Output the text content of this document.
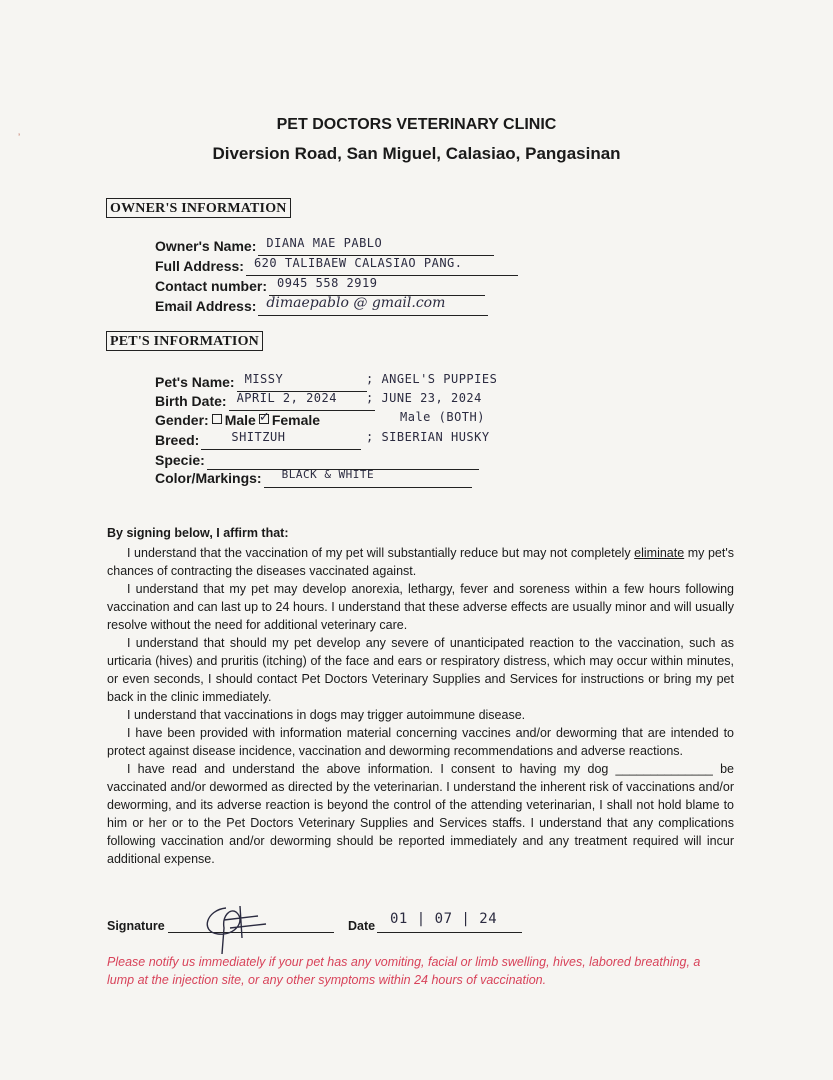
ʼ
PET DOCTORS VETERINARY CLINIC
Diversion Road, San Miguel, Calasiao, Pangasinan
OWNER'S INFORMATION
Owner's Name: DIANA MAE PABLO
Full Address: 620 TALIBAEW CALASIAO PANG.
Contact number: 0945 558 2919
Email Address: dimaepablo @ gmail.com
PET'S INFORMATION
Pet's Name: MISSY	; ANGEL'S PUPPIES
Birth Date: APRIL 2, 2024 ; JUNE 23, 2024
Gender: Male ✓ Female	Male (BOTH)
Breed:	SHITZUH	; SIBERIAN HUSKY
Specie:
Color/Markings: BLACK & WHITE
By signing below, I affirm that:

I understand that the vaccination of my pet will substantially reduce but may not completely eliminate my pet's chances of contracting the diseases vaccinated against.

I understand that my pet may develop anorexia, lethargy, fever and soreness within a few hours following vaccination and can last up to 24 hours. I understand that these adverse effects are usually minor and will usually resolve without the need for additional veterinary care.

I understand that should my pet develop any severe of unanticipated reaction to the vaccination, such as urticaria (hives) and pruritis (itching) of the face and ears or respiratory distress, which may occur within minutes, or even seconds, I should contact Pet Doctors Veterinary Supplies and Services for instructions or bring my pet back in the clinic immediately.

I understand that vaccinations in dogs may trigger autoimmune disease.

I have been provided with information material concerning vaccines and/or deworming that are intended to protect against disease incidence, vaccination and deworming recommendations and adverse reactions.

I have read and understand the above information. I consent to having my dog ______________ be vaccinated and/or dewormed as directed by the veterinarian. I understand the inherent risk of vaccinations and/or deworming, and its adverse reaction is beyond the control of the attending veterinarian, I shall not hold blame to him or her or to the Pet Doctors Veterinary Supplies and Services staffs. I understand that any complications following vaccination and/or deworming should be reported immediately and any treatment required will incur additional expense.

Signature	Date 01 | 07 | 24
Please notify us immediately if your pet has any vomiting, facial or limb swelling, hives, labored breathing, a lump at the injection site, or any other symptoms within 24 hours of vaccination.
